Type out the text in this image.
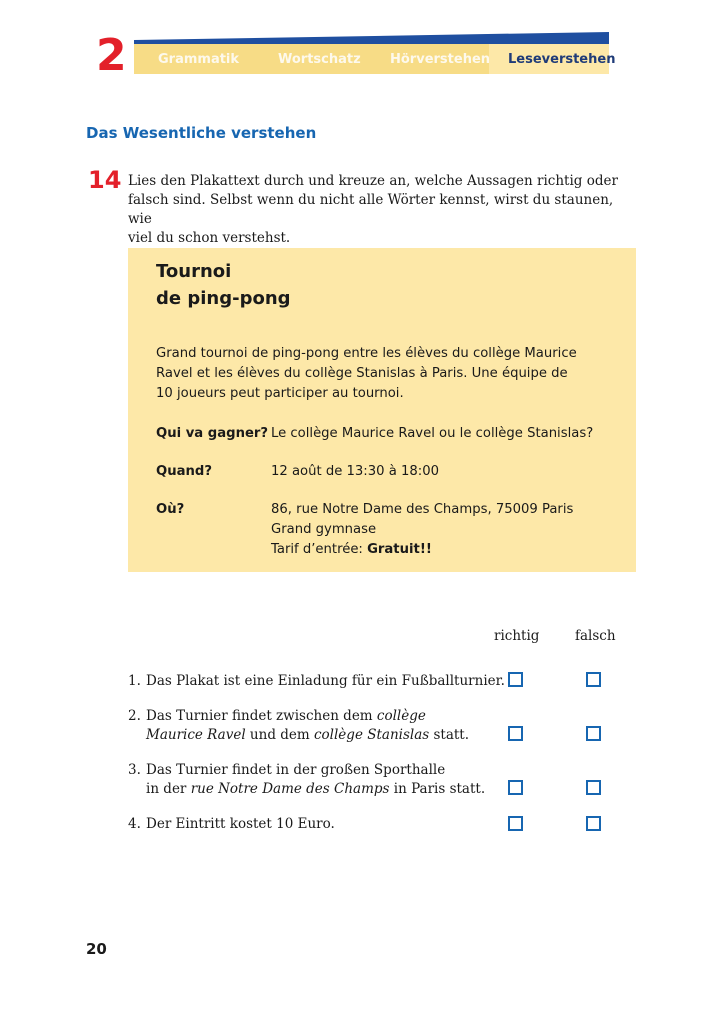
2 Grammatik	Wortschatz Hörverstehen Leseverstehen
Das Wesentliche verstehen
14 Lies den Plakattext durch und kreuze an, welche Aussagen richtig oder
falsch sind. Selbst wenn du nicht alle Wörter kennst, wirst du staunen, wie
viel du schon verstehst.
Tournoi
de ping-pong
Grand tournoi de ping-pong entre les élèves du collège Maurice
Ravel et les élèves du collège Stanislas à Paris. Une équipe de
10 joueurs peut participer au tournoi.
Qui va gagner? Le collège Maurice Ravel ou le collège Stanislas?
Quand?	12 août de 13:30 à 18:00
Où?	86, rue Notre Dame des Champs, 75009 Paris
Grand gymnase
Tarif d’entrée: Gratuit!!
richtig	falsch
1. Das Plakat ist eine Einladung für ein Fußballturnier.
2. Das Turnier findet zwischen dem collège
Maurice Ravel und dem collège Stanislas statt.
3. Das Turnier findet in der großen Sporthalle
in der rue Notre Dame des Champs in Paris statt.
4. Der Eintritt kostet 10 Euro.
20
